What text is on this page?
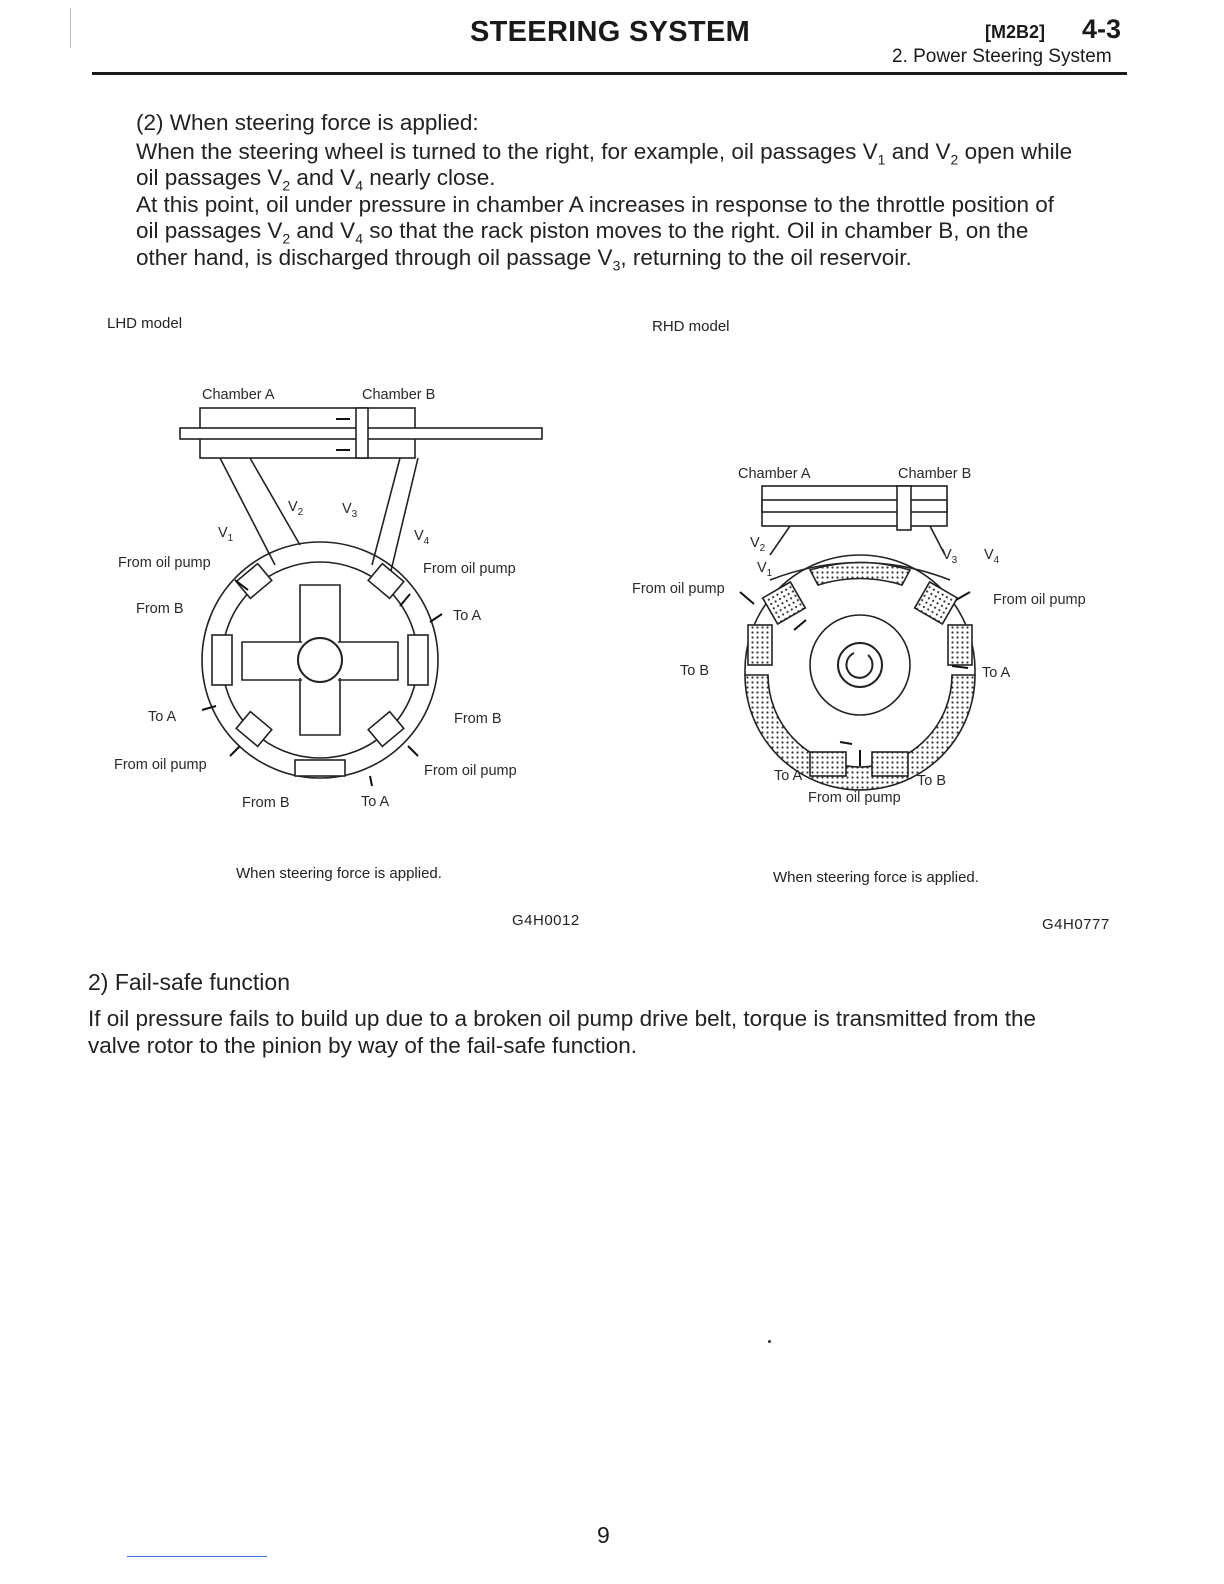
STEERING SYSTEM	[M2B2] 4-3
2. Power Steering System
(2) When steering force is applied:
When the steering wheel is turned to the right, for example, oil passages $V_1$ and $V_2$ open while
oil passages $V_2$ and $V_4$ nearly close.
At this point, oil under pressure in chamber A increases in response to the throttle position of
oil passages $V_2$ and $V_4$ so that the rack piston moves to the right. Oil in chamber B, on the
other hand, is discharged through oil passage $V_3$, returning to the oil reservoir.
LHD model	RHD model
Chamber A	Chamber B
$V_2$	$V_3$
$V_1$	$V_4$
From oil pump	From oil pump
From B	To A
To A	From B
From oil pump	From oil pump
From B	To A
Chamber A	Chamber B
$V_2$
$V_1$
$V_3$ $V_4$
From oil pump
From oil pump
To B	To A
To A	To B
From oil pump
When steering force is applied.	When steering force is applied.
G4H0012	G4H0777
2) Fail-safe function
If oil pressure fails to build up due to a broken oil pump drive belt, torque is transmitted from the
valve rotor to the pinion by way of the fail-safe function.
9
